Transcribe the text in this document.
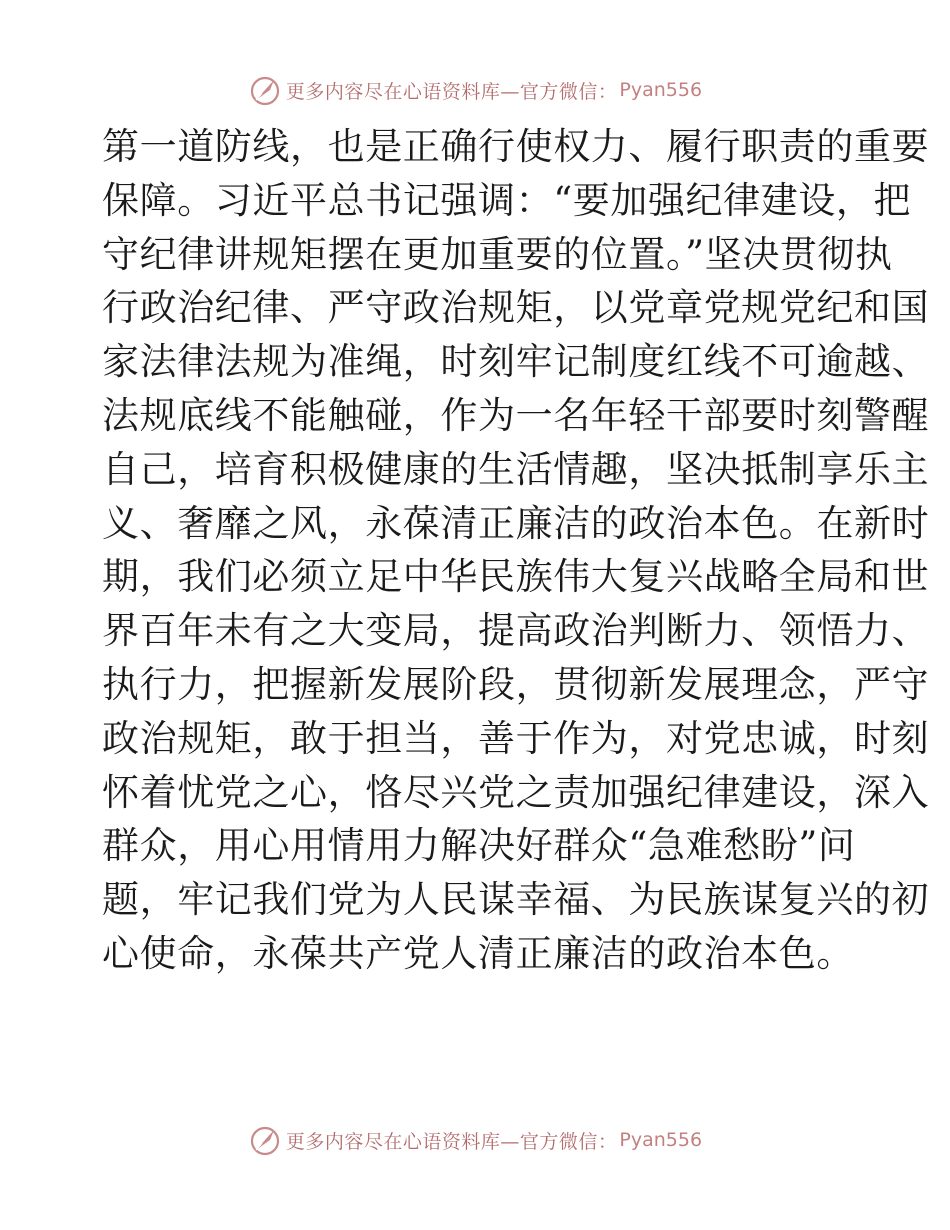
更多内容尽在心语资料库—官方微信： Pyan556
第一道防线，也是正确行使权力、履行职责的重要
保障。习近平总书记强调：“要加强纪律建设，把
守纪律讲规矩摆在更加重要的位置。”坚决贯彻执
行政治纪律、严守政治规矩，以党章党规党纪和国
家法律法规为准绳，时刻牢记制度红线不可逾越、
法规底线不能触碰，作为一名年轻干部要时刻警醒
自己，培育积极健康的生活情趣，坚决抵制享乐主
义、奢靡之风，永葆清正廉洁的政治本色。在新时
期，我们必须立足中华民族伟大复兴战略全局和世
界百年未有之大变局，提高政治判断力、领悟力、
执行力，把握新发展阶段，贯彻新发展理念，严守
政治规矩，敢于担当，善于作为，对党忠诚，时刻
怀着忧党之心，恪尽兴党之责加强纪律建设，深入
群众，用心用情用力解决好群众“急难愁盼”问
题，牢记我们党为人民谋幸福、为民族谋复兴的初
心使命，永葆共产党人清正廉洁的政治本色。
更多内容尽在心语资料库—官方微信： Pyan556
